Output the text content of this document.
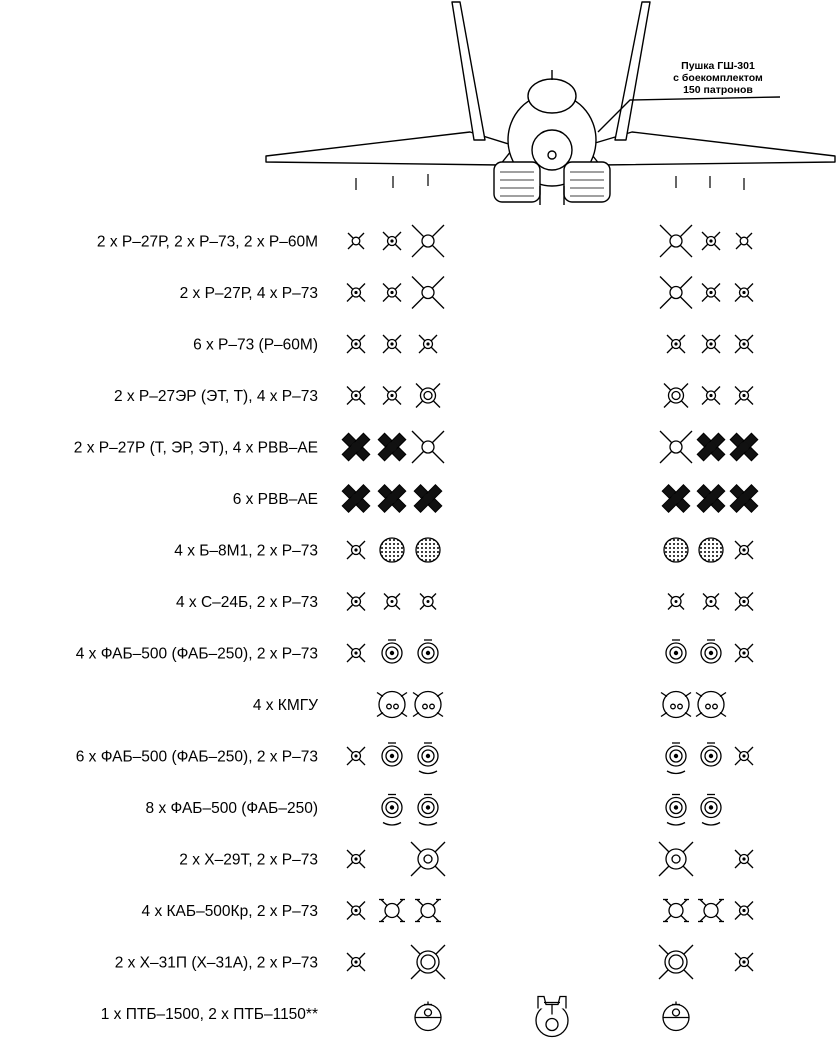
Пушка ГШ-301
с боекомплектом
150 патронов
2 x Р–27Р, 2 x Р–73, 2 x Р–60М
2 x Р–27Р, 4 x Р–73
6 x Р–73 (Р–60М)
2 x Р–27ЭР (ЭТ, Т), 4 x Р–73
2 x Р–27Р (Т, ЭР, ЭТ), 4 x РВВ–АЕ
6 x РВВ–АЕ
4 x Б–8М1, 2 x Р–73
4 x С–24Б, 2 x Р–73
4 x ФАБ–500 (ФАБ–250), 2 x Р–73
4 x КМГУ
6 x ФАБ–500 (ФАБ–250), 2 x Р–73
8 x ФАБ–500 (ФАБ–250)
2 x Х–29Т, 2 x Р–73
4 x КАБ–500Кр, 2 x Р–73
2 x Х–31П (Х–31А), 2 x Р–73
1 x ПТБ–1500, 2 x ПТБ–1150**
